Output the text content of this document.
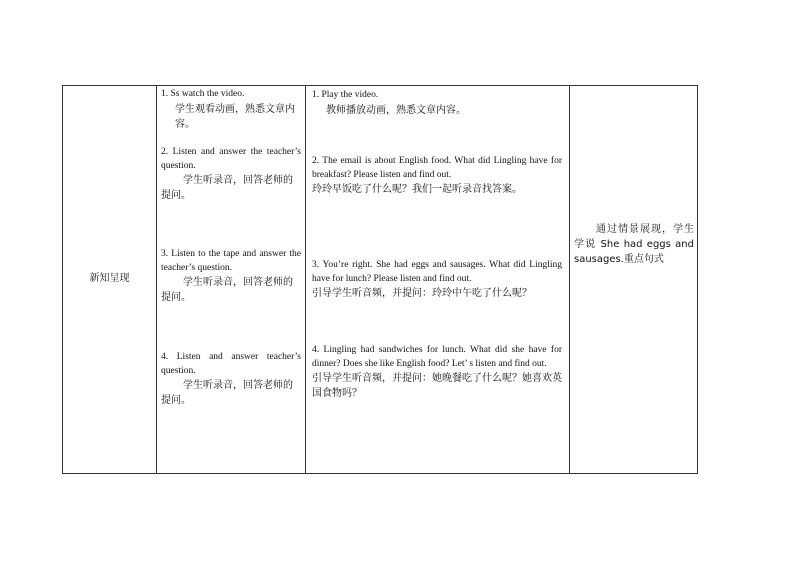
新知呈现
1. Ss watch the video.
学生观看动画，熟悉文章内容。
2. Listen and answer the teacher’s question.
学生听录音，回答老师的提问。
3. Listen to the tape and answer the teacher’s question.
学生听录音，回答老师的提问。
4. Listen and answer teacher’s question.
学生听录音，回答老师的提问。
1. Play the video.
教师播放动画，熟悉文章内容。
2. The email is about English food. What did Lingling have for breakfast? Please listen and find out.
玲玲早饭吃了什么呢？我们一起听录音找答案。
3. You’re right. She had eggs and sausages. What did Lingling have for lunch? Please listen and find out.
引导学生听音频，并提问：玲玲中午吃了什么呢？
4. Lingling had sandwiches for lunch. What did she have for dinner? Does she like English food? Let’ s listen and find out.
引导学生听音频，并提问：她晚餐吃了什么呢？她喜欢英国食物吗？
通过情景展现，学生学说 She had eggs and sausages.重点句式
